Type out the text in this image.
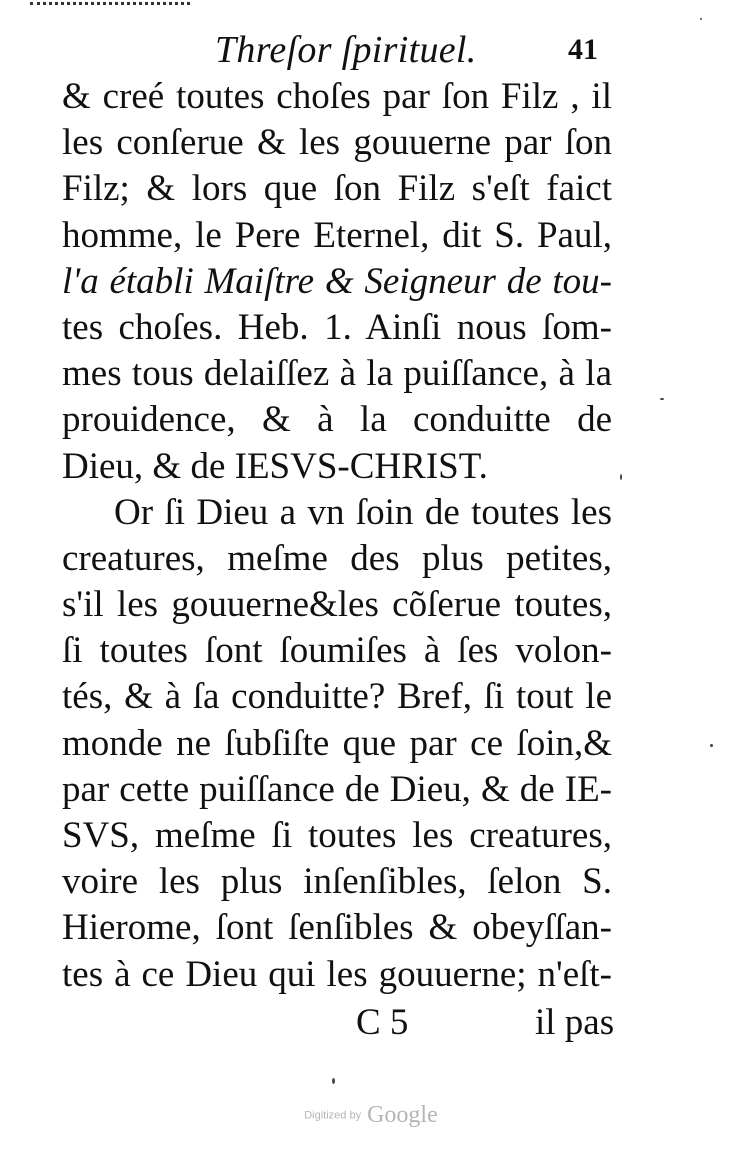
Threſor ſpirituel.	41
& creé toutes choſes par ſon Filz , il
les conſerue & les gouuerne par ſon
Filz; & lors que ſon Filz s'eſt faict
homme, le Pere Eternel, dit S. Paul,
l'a établi Maiſtre & Seigneur de tou-
tes choſes. Heb. 1. Ainſi nous ſom-
mes tous delaiſſez à la puiſſance, à la
prouidence, & à la conduitte de
Dieu, & de IESVS-CHRIST.
Or ſi Dieu a vn ſoin de toutes les
creatures, meſme des plus petites,
s'il les gouuerne&les cõſerue toutes,
ſi toutes ſont ſoumiſes à ſes volon-
tés, & à ſa conduitte? Bref, ſi tout le
monde ne ſubſiſte que par ce ſoin,&
par cette puiſſance de Dieu, & de IE-
SVS, meſme ſi toutes les creatures,
voire les plus inſenſibles, ſelon S.
Hierome, ſont ſenſibles & obeyſſan-
tes à ce Dieu qui les gouuerne; n'eſt-
C 5	il pas
Digitized by Google
